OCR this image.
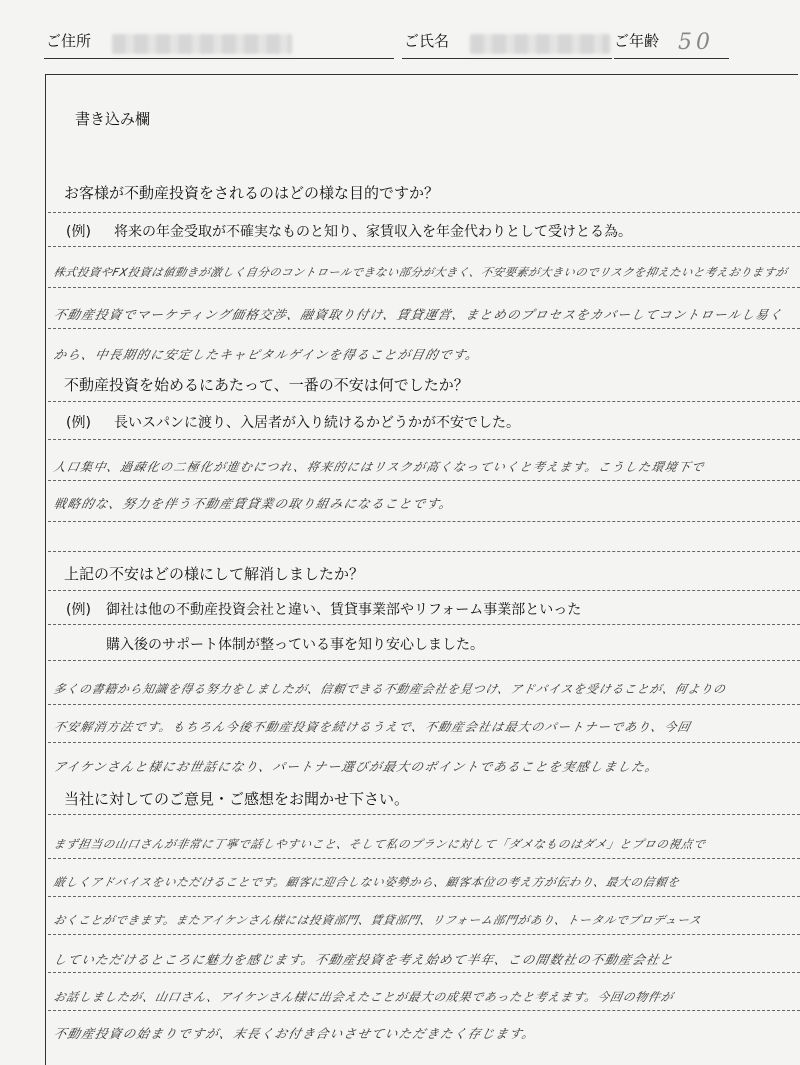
ご住所	ご氏名	ご年齢 50
書き込み欄
お客様が不動産投資をされるのはどの様な目的ですか？
(例) 将来の年金受取が不確実なものと知り、家賃収入を年金代わりとして受けとる為。
株式投資やFX投資は値動きが激しく自分のコントロールできない部分が大きく、不安要素が大きいのでリスクを抑えたいと考えおりますが
不動産投資でマーケティング価格交渉、融資取り付け、賃貸運営、まとめのプロセスをカバーしてコントロールし易く
から、中長期的に安定したキャピタルゲインを得ることが目的です。
不動産投資を始めるにあたって、一番の不安は何でしたか？
(例) 長いスパンに渡り、入居者が入り続けるかどうかが不安でした。
人口集中、過疎化の二極化が進むにつれ、将来的にはリスクが高くなっていくと考えます。こうした環境下で
戦略的な、努力を伴う不動産賃貸業の取り組みになることです。
上記の不安はどの様にして解消しましたか？
(例) 御社は他の不動産投資会社と違い、賃貸事業部やリフォーム事業部といった
購入後のサポート体制が整っている事を知り安心しました。
多くの書籍から知識を得る努力をしましたが、信頼できる不動産会社を見つけ、アドバイスを受けることが、何よりの
不安解消方法です。もちろん今後不動産投資を続けるうえで、不動産会社は最大のパートナーであり、今回
アイケンさんと様にお世話になり、パートナー選びが最大のポイントであることを実感しました。
当社に対してのご意見・ご感想をお聞かせ下さい。
まず担当の山口さんが非常に丁寧で話しやすいこと、そして私のプランに対して「ダメなものはダメ」とプロの視点で
厳しくアドバイスをいただけることです。顧客に迎合しない姿勢から、顧客本位の考え方が伝わり、最大の信頼を
おくことができます。またアイケンさん様には投資部門、賃貸部門、リフォーム部門があり、トータルでプロデュース
していただけるところに魅力を感じます。不動産投資を考え始めて半年、この間数社の不動産会社と
お話しましたが、山口さん、アイケンさん様に出会えたことが最大の成果であったと考えます。今回の物件が
不動産投資の始まりですが、末長くお付き合いさせていただきたく存じます。
